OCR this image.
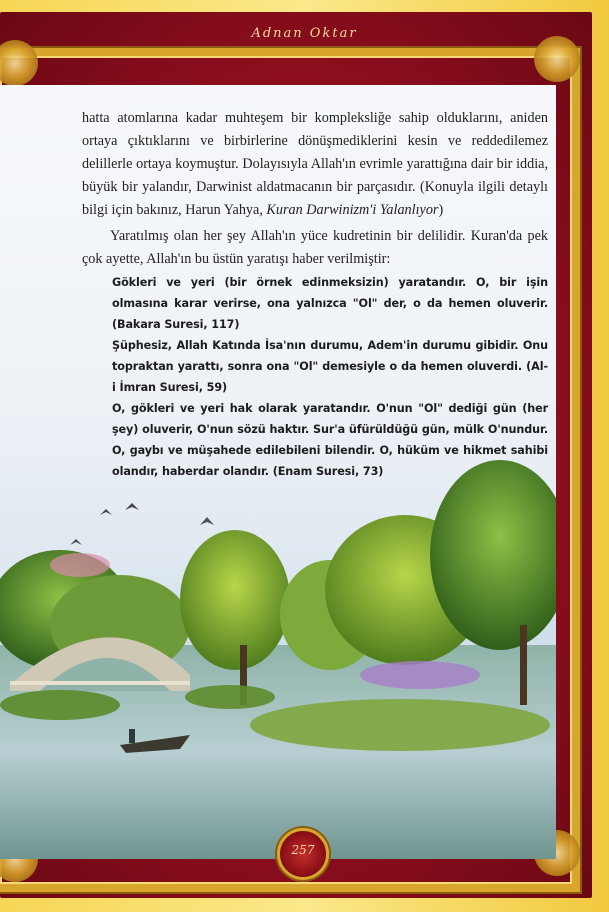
Adnan Oktar

hatta atomlarına kadar muhteşem bir kompleksliğe sahip olduklarını, aniden ortaya çıktıklarını ve birbirlerine dönüşmediklerini kesin ve reddedilemez delillerle ortaya koymuştur. Dolayısıyla Allah'ın evrimle yarattığına dair bir iddia, büyük bir yalandır, Darwinist aldatmacanın bir parçasıdır. (Konuyla ilgili detaylı bilgi için bakınız, Harun Yahya, Kuran Darwinizm'i Yalanlıyor)

Yaratılmış olan her şey Allah'ın yüce kudretinin bir delilidir. Kuran'da pek çok ayette, Allah'ın bu üstün yaratışı haber verilmiştir:

Gökleri ve yeri (bir örnek edinmeksizin) yaratandır. O, bir işin olmasına karar verirse, ona yalnızca "Ol" der, o da hemen oluverir. (Bakara Suresi, 117)

Şüphesiz, Allah Katında İsa'nın durumu, Adem'in durumu gibidir. Onu topraktan yarattı, sonra ona "Ol" demesiyle o da hemen oluverdi. (Al-i İmran Suresi, 59)

O, gökleri ve yeri hak olarak yaratandır. O'nun "Ol" dediği gün (her şey) oluverir, O'nun sözü haktır. Sur'a üfürüldüğü gün, mülk O'nundur. O, gaybı ve müşahede edilebileni bilendir. O, hüküm ve hikmet sahibi olandır, haberdar olandır. (Enam Suresi, 73)

257
